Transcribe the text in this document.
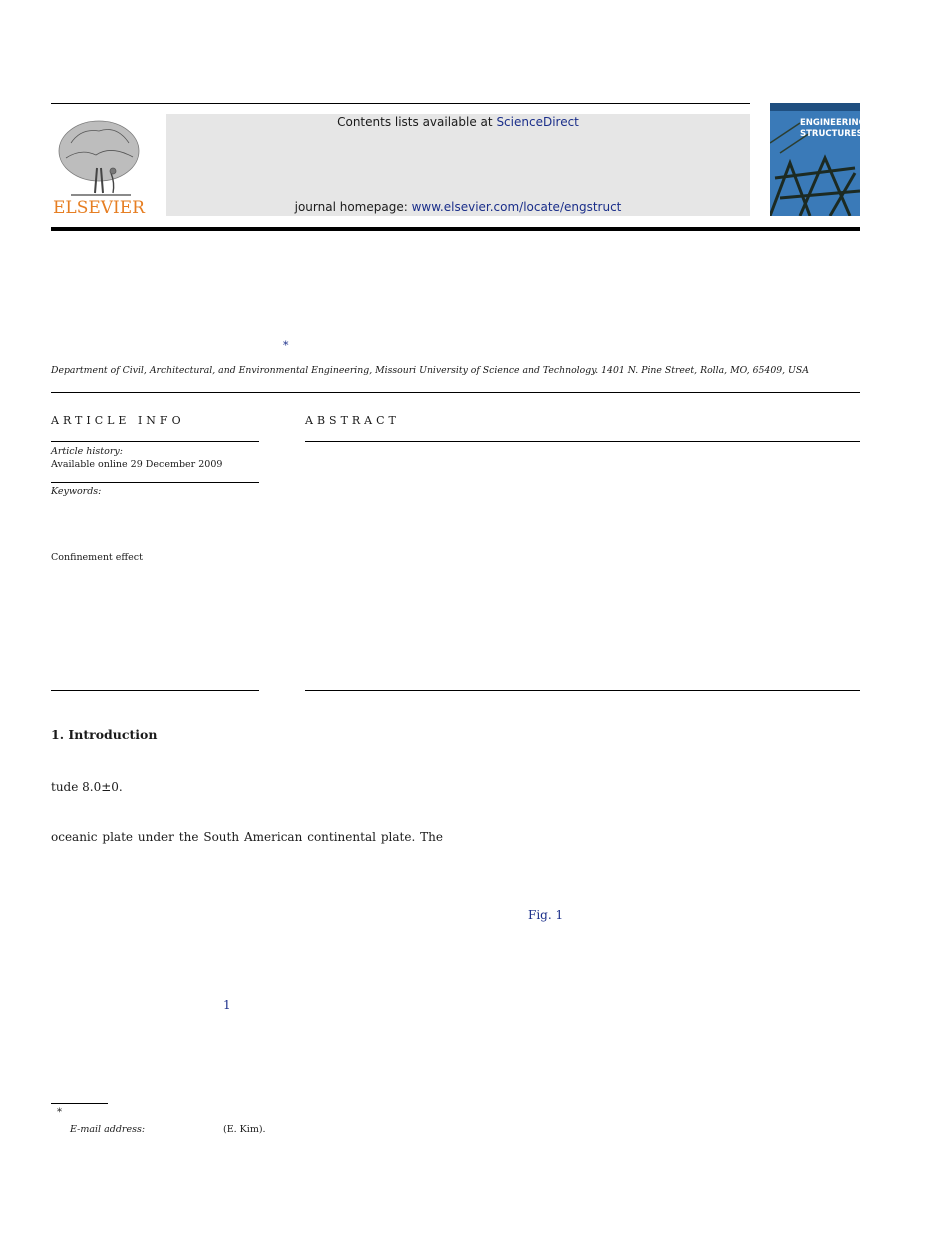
ELSEVIER
Contents lists available at ScienceDirect
journal homepage: www.elsevier.com/locate/engstruct
ENGINEERING
STRUCTURES
*
Department of Civil, Architectural, and Environmental Engineering, Missouri University of Science and Technology. 1401 N. Pine Street, Rolla, MO, 65409, USA
ARTICLE INFO
Article history:
Available online 29 December 2009
Keywords:
Confinement effect
ABSTRACT
1. Introduction
tude 8.0±0.
oceanic plate under the South American continental plate. The
Fig. 1
1
*
E-mail address:	(E. Kim).
